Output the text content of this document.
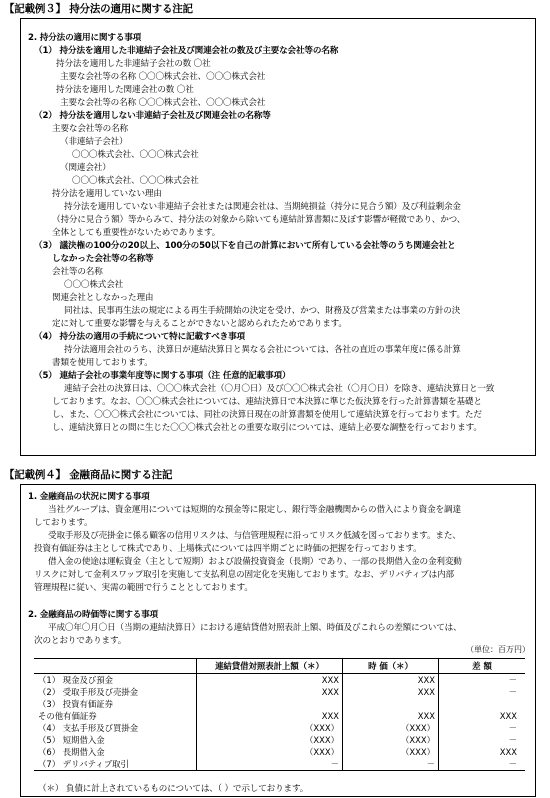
【記載例３】 持分法の適用に関する注記
2. 持分法の適用に関する事項
（1） 持分法を適用した非連結子会社及び関連会社の数及び主要な会社等の名称
持分法を適用した非連結子会社の数 〇社
主要な会社等の名称 〇〇〇株式会社、〇〇〇株式会社
持分法を適用した関連会社の数 〇社
主要な会社等の名称 〇〇〇株式会社、〇〇〇株式会社
（2） 持分法を適用しない非連結子会社及び関連会社の名称等
主要な会社等の名称
（非連結子会社）
〇〇〇株式会社、〇〇〇株式会社
（関連会社）
〇〇〇株式会社、〇〇〇株式会社
持分法を適用していない理由
持分法を適用していない非連結子会社または関連会社は、当期純損益（持分に見合う額）及び利益剰余金
（持分に見合う額）等からみて、持分法の対象から除いても連結計算書類に及ぼす影響が軽微であり、かつ、
全体としても重要性がないためであります。
（3） 議決権の100分の20以上、100分の50以下を自己の計算において所有している会社等のうち関連会社と
しなかった会社等の名称等
会社等の名称
〇〇〇株式会社
関連会社としなかった理由
同社は、民事再生法の規定による再生手続開始の決定を受け、かつ、財務及び営業または事業の方針の決
定に対して重要な影響を与えることができないと認められたためであります。
（4） 持分法の適用の手続について特に記載すべき事項
持分法適用会社のうち、決算日が連結決算日と異なる会社については、各社の直近の事業年度に係る計算
書類を使用しております。
（5） 連結子会社の事業年度等に関する事項（注 任意的記載事項）
連結子会社の決算日は、〇〇〇株式会社（〇月〇日）及び〇〇〇株式会社（〇月〇日）を除き、連結決算日と一致
しております。なお、〇〇〇株式会社については、連結決算日で本決算に準じた仮決算を行った計算書類を基礎と
し、また、〇〇〇株式会社については、同社の決算日現在の計算書類を使用して連結決算を行っております。ただ
し、連結決算日との間に生じた〇〇〇株式会社との重要な取引については、連結上必要な調整を行っております。
【記載例４】 金融商品に関する注記
1. 金融商品の状況に関する事項
当社グループは、資金運用については短期的な預金等に限定し、銀行等金融機関からの借入により資金を調達
しております。
受取手形及び売掛金に係る顧客の信用リスクは、与信管理規程に沿ってリスク低減を図っております。また、
投資有価証券は主として株式であり、上場株式については四半期ごとに時価の把握を行っております。
借入金の使途は運転資金（主として短期）および設備投資資金（長期）であり、一部の長期借入金の金利変動
リスクに対して金利スワップ取引を実施して支払利息の固定化を実施しております。なお、デリバティブは内部
管理規程に従い、実需の範囲で行うこととしております。
2. 金融商品の時価等に関する事項
平成〇年〇月〇日（当期の連結決算日）における連結貸借対照表計上額、時価及びこれらの差額については、
次のとおりであります。
（単位：百万円）
	連結貸借対照表計上額（＊）	時 価（＊）	差 額
（1） 現金及び預金	XXX	XXX	－
（2） 受取手形及び売掛金	XXX	XXX	－
（3） 投資有価証券			
その他有価証券	XXX	XXX	XXX
（4） 支払手形及び買掛金	（XXX）	（XXX）	－
（5） 短期借入金	（XXX）	（XXX）	－
（6） 長期借入金	（XXX）	（XXX）	XXX
（7） デリバティブ取引	－	－	－
（＊） 負債に計上されているものについては、（ ）で示しております。
